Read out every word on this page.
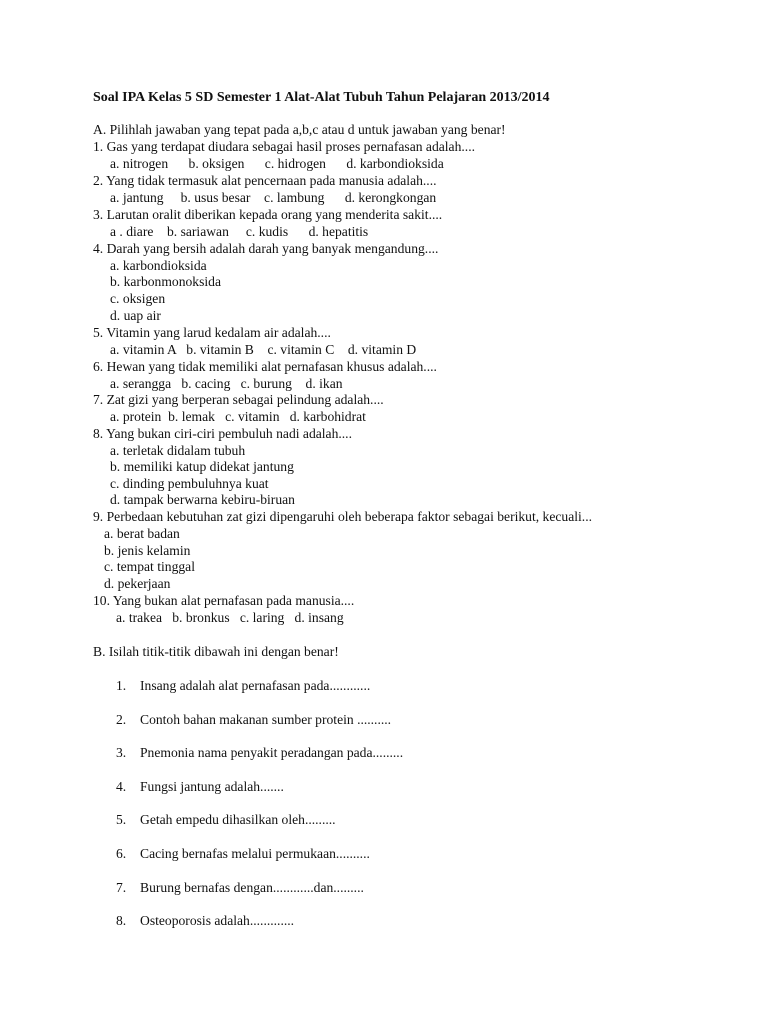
Soal IPA Kelas 5 SD Semester 1 Alat-Alat Tubuh Tahun Pelajaran 2013/2014
A. Pilihlah jawaban yang tepat pada a,b,c atau d untuk jawaban yang benar!
1. Gas yang terdapat diudara sebagai hasil proses pernafasan adalah....
a. nitrogen      b. oksigen      c. hidrogen      d. karbondioksida
2. Yang tidak termasuk alat pencernaan pada manusia adalah....
a. jantung     b. usus besar    c. lambung      d. kerongkongan
3. Larutan oralit diberikan kepada orang yang menderita sakit....
a . diare    b. sariawan     c. kudis      d. hepatitis
4. Darah yang bersih adalah darah yang banyak mengandung....
a. karbondioksida
b. karbonmonoksida
c. oksigen
d. uap air
5. Vitamin yang larud kedalam air adalah....
a. vitamin A   b. vitamin B    c. vitamin C    d. vitamin D
6. Hewan yang tidak memiliki alat pernafasan khusus adalah....
a. serangga   b. cacing   c. burung    d. ikan
7. Zat gizi yang berperan sebagai pelindung adalah....
a. protein  b. lemak   c. vitamin   d. karbohidrat
8. Yang bukan ciri-ciri pembuluh nadi adalah....
a. terletak didalam tubuh
b. memiliki katup didekat jantung
c. dinding pembuluhnya kuat
d. tampak berwarna kebiru-biruan
9. Perbedaan kebutuhan zat gizi dipengaruhi oleh beberapa faktor sebagai berikut, kecuali...
a. berat badan
b. jenis kelamin
c. tempat tinggal
d. pekerjaan
10. Yang bukan alat pernafasan pada manusia....
a. trakea   b. bronkus   c. laring   d. insang
B. Isilah titik-titik dibawah ini dengan benar!
1. Insang adalah alat pernafasan pada............
2. Contoh bahan makanan sumber protein ..........
3. Pnemonia nama penyakit peradangan pada.........
4. Fungsi jantung adalah.......
5. Getah empedu dihasilkan oleh.........
6. Cacing bernafas melalui permukaan..........
7. Burung bernafas dengan............dan.........
8. Osteoporosis adalah.............
